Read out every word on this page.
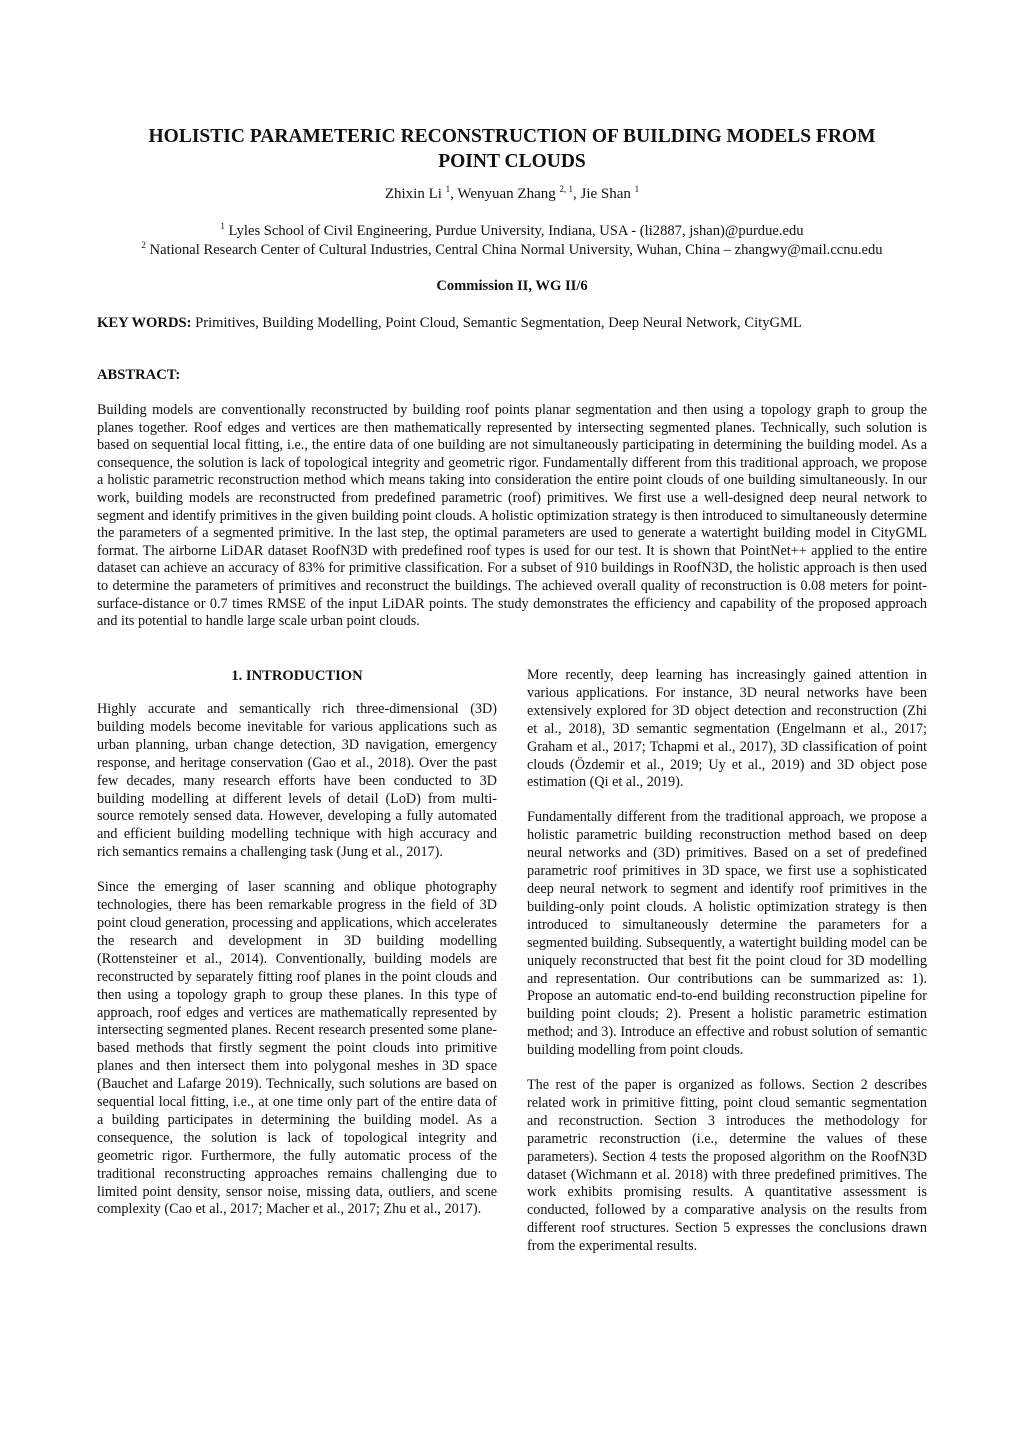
HOLISTIC PARAMETERIC RECONSTRUCTION OF BUILDING MODELS FROM
POINT CLOUDS
Zhixin Li $^1$, Wenyuan Zhang $^{2, 1}$, Jie Shan $^1$
$^1$ Lyles School of Civil Engineering, Purdue University, Indiana, USA - (li2887, jshan)@purdue.edu
$^2$ National Research Center of Cultural Industries, Central China Normal University, Wuhan, China – zhangwy@mail.ccnu.edu
Commission II, WG II/6
KEY WORDS: Primitives, Building Modelling, Point Cloud, Semantic Segmentation, Deep Neural Network, CityGML
ABSTRACT:
Building models are conventionally reconstructed by building roof points planar segmentation and then using a topology graph to group the planes together. Roof edges and vertices are then mathematically represented by intersecting segmented planes. Technically, such solution is based on sequential local fitting, i.e., the entire data of one building are not simultaneously participating in determining the building model. As a consequence, the solution is lack of topological integrity and geometric rigor. Fundamentally different from this traditional approach, we propose a holistic parametric reconstruction method which means taking into consideration the entire point clouds of one building simultaneously. In our work, building models are reconstructed from predefined parametric (roof) primitives. We first use a well-designed deep neural network to segment and identify primitives in the given building point clouds. A holistic optimization strategy is then introduced to simultaneously determine the parameters of a segmented primitive. In the last step, the optimal parameters are used to generate a watertight building model in CityGML format. The airborne LiDAR dataset RoofN3D with predefined roof types is used for our test. It is shown that PointNet++ applied to the entire dataset can achieve an accuracy of 83% for primitive classification. For a subset of 910 buildings in RoofN3D, the holistic approach is then used to determine the parameters of primitives and reconstruct the buildings. The achieved overall quality of reconstruction is 0.08 meters for point-surface-distance or 0.7 times RMSE of the input LiDAR points. The study demonstrates the efficiency and capability of the proposed approach and its potential to handle large scale urban point clouds.
1. INTRODUCTION

Highly accurate and semantically rich three-dimensional (3D) building models become inevitable for various applications such as urban planning, urban change detection, 3D navigation, emergency response, and heritage conservation (Gao et al., 2018). Over the past few decades, many research efforts have been conducted to 3D building modelling at different levels of detail (LoD) from multi-source remotely sensed data. However, developing a fully automated and efficient building modelling technique with high accuracy and rich semantics remains a challenging task (Jung et al., 2017).

Since the emerging of laser scanning and oblique photography technologies, there has been remarkable progress in the field of 3D point cloud generation, processing and applications, which accelerates the research and development in 3D building modelling (Rottensteiner et al., 2014). Conventionally, building models are reconstructed by separately fitting roof planes in the point clouds and then using a topology graph to group these planes. In this type of approach, roof edges and vertices are mathematically represented by intersecting segmented planes. Recent research presented some plane-based methods that firstly segment the point clouds into primitive planes and then intersect them into polygonal meshes in 3D space (Bauchet and Lafarge 2019). Technically, such solutions are based on sequential local fitting, i.e., at one time only part of the entire data of a building participates in determining the building model. As a consequence, the solution is lack of topological integrity and geometric rigor. Furthermore, the fully automatic process of the traditional reconstructing approaches remains challenging due to limited point density, sensor noise, missing data, outliers, and scene complexity (Cao et al., 2017; Macher et al., 2017; Zhu et al., 2017).

More recently, deep learning has increasingly gained attention in various applications. For instance, 3D neural networks have been extensively explored for 3D object detection and reconstruction (Zhi et al., 2018), 3D semantic segmentation (Engelmann et al., 2017; Graham et al., 2017; Tchapmi et al., 2017), 3D classification of point clouds (Özdemir et al., 2019; Uy et al., 2019) and 3D object pose estimation (Qi et al., 2019).

Fundamentally different from the traditional approach, we propose a holistic parametric building reconstruction method based on deep neural networks and (3D) primitives. Based on a set of predefined parametric roof primitives in 3D space, we first use a sophisticated deep neural network to segment and identify roof primitives in the building-only point clouds. A holistic optimization strategy is then introduced to simultaneously determine the parameters for a segmented building. Subsequently, a watertight building model can be uniquely reconstructed that best fit the point cloud for 3D modelling and representation. Our contributions can be summarized as: 1). Propose an automatic end-to-end building reconstruction pipeline for building point clouds; 2). Present a holistic parametric estimation method; and 3). Introduce an effective and robust solution of semantic building modelling from point clouds.

The rest of the paper is organized as follows. Section 2 describes related work in primitive fitting, point cloud semantic segmentation and reconstruction. Section 3 introduces the methodology for parametric reconstruction (i.e., determine the values of these parameters). Section 4 tests the proposed algorithm on the RoofN3D dataset (Wichmann et al. 2018) with three predefined primitives. The work exhibits promising results. A quantitative assessment is conducted, followed by a comparative analysis on the results from different roof structures. Section 5 expresses the conclusions drawn from the experimental results.
